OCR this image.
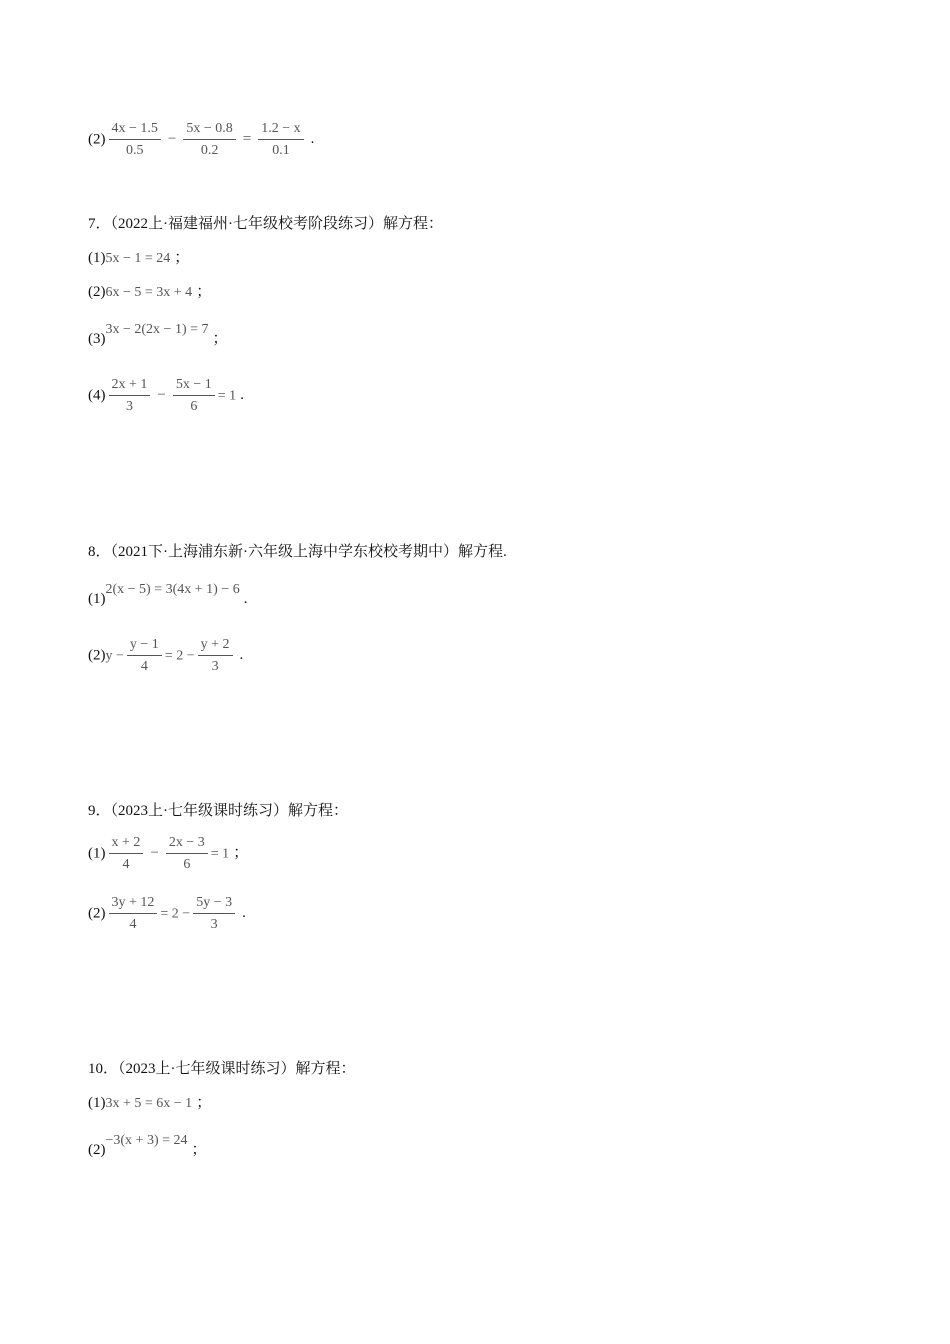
$(2) \frac{4x - 1.5}{0.5} - \frac{5x - 0.8}{0.2} = \frac{1.2 - x}{0.1}$ .
7．（2022上·福建福州·七年级校考阶段练习）解方程：
(1)5x − 1 = 24 ；
(2)6x − 5 = 3x + 4 ；
(3)3x − 2(2x − 1) = 7；
$(4) \frac{2x + 1}{3} - \frac{5x - 1}{6} = 1$ .
8．（2021下·上海浦东新·六年级上海中学东校校考期中）解方程.
(1)2(x − 5) = 3(4x + 1) − 6.
$(2)y - \frac{y - 1}{4} = 2 - \frac{y + 2}{3}$ .
9．（2023上·七年级课时练习）解方程：
$(1) \frac{x + 2}{4} - \frac{2x - 3}{6} = 1$ ；
$(2) \frac{3y + 12}{4} = 2 - \frac{5y - 3}{3}$ .
10．（2023上·七年级课时练习）解方程：
(1)3x + 5 = 6x − 1 ；
(2)−3(x + 3) = 24；
